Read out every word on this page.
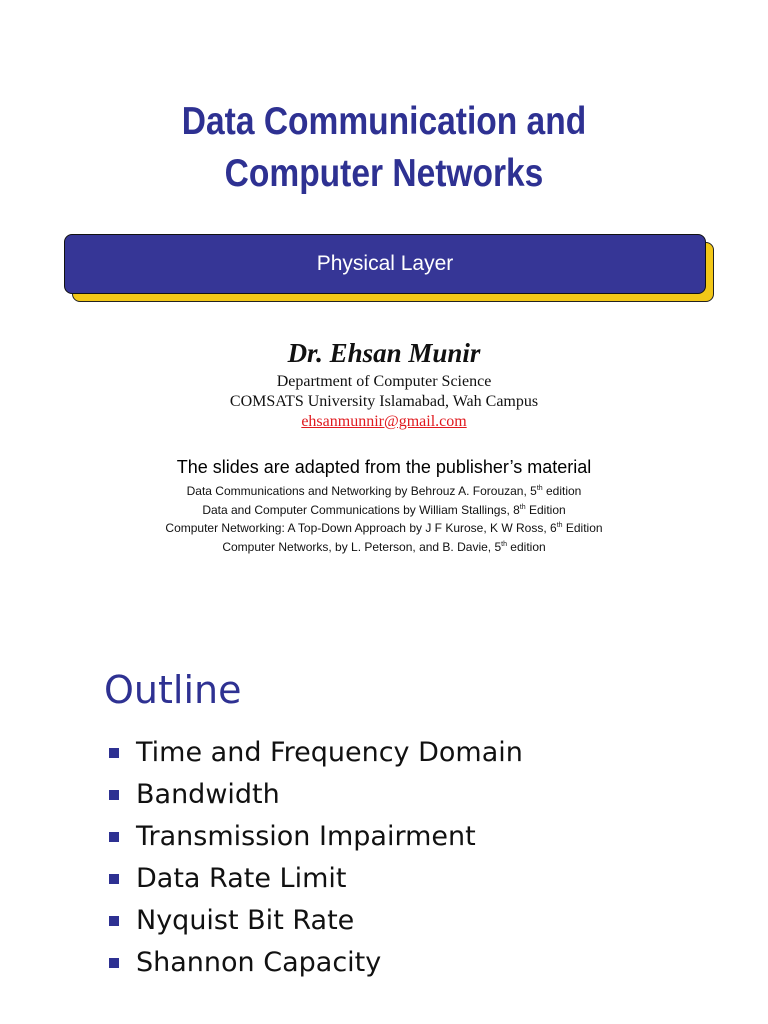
Data Communication and
Computer Networks
Physical Layer
Dr. Ehsan Munir
Department of Computer Science
COMSATS University Islamabad, Wah Campus
ehsanmunnir@gmail.com
The slides are adapted from the publisher’s material
Data Communications and Networking by Behrouz A. Forouzan, 5th edition
Data and Computer Communications by William Stallings, 8th Edition
Computer Networking: A Top-Down Approach by J F Kurose, K W Ross, 6th Edition
Computer Networks, by L. Peterson, and B. Davie, 5th edition
Outline
Time and Frequency Domain
Bandwidth
Transmission Impairment
Data Rate Limit
Nyquist Bit Rate
Shannon Capacity
